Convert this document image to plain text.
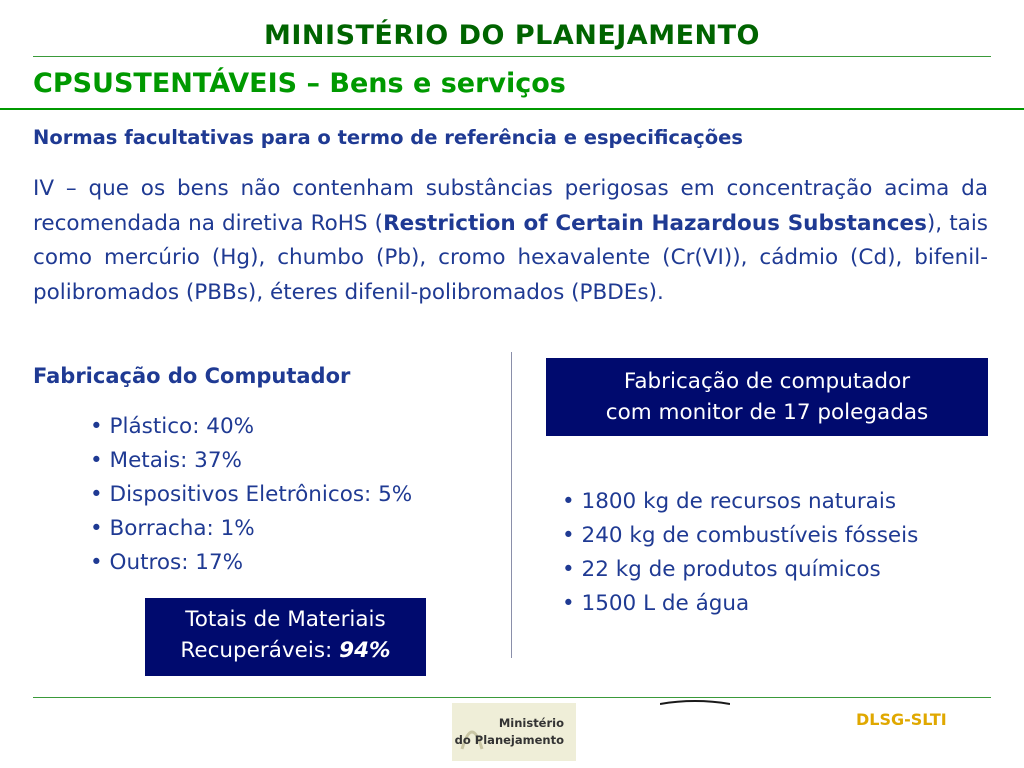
MINISTÉRIO DO PLANEJAMENTO
CPSUSTENTÁVEIS – Bens e serviços
Normas facultativas para o termo de referência e especificações
IV – que os bens não contenham substâncias perigosas em concentração acima da recomendada na diretiva RoHS (Restriction of Certain Hazardous Substances), tais como mercúrio (Hg), chumbo (Pb), cromo hexavalente (Cr(VI)), cádmio (Cd), bifenil-polibromados (PBBs), éteres difenil-polibromados (PBDEs).
Fabricação do Computador
• Plástico: 40%
• Metais: 37%
• Dispositivos Eletrônicos: 5%
• Borracha: 1%
• Outros: 17%
Totais de Materiais
Recuperáveis: 94%
Fabricação de computador
com monitor de 17 polegadas
• 1800 kg de recursos naturais
• 240 kg de combustíveis fósseis
• 22 kg de produtos químicos
• 1500 L de água
Ministério
do Planejamento
DLSG-SLTI
